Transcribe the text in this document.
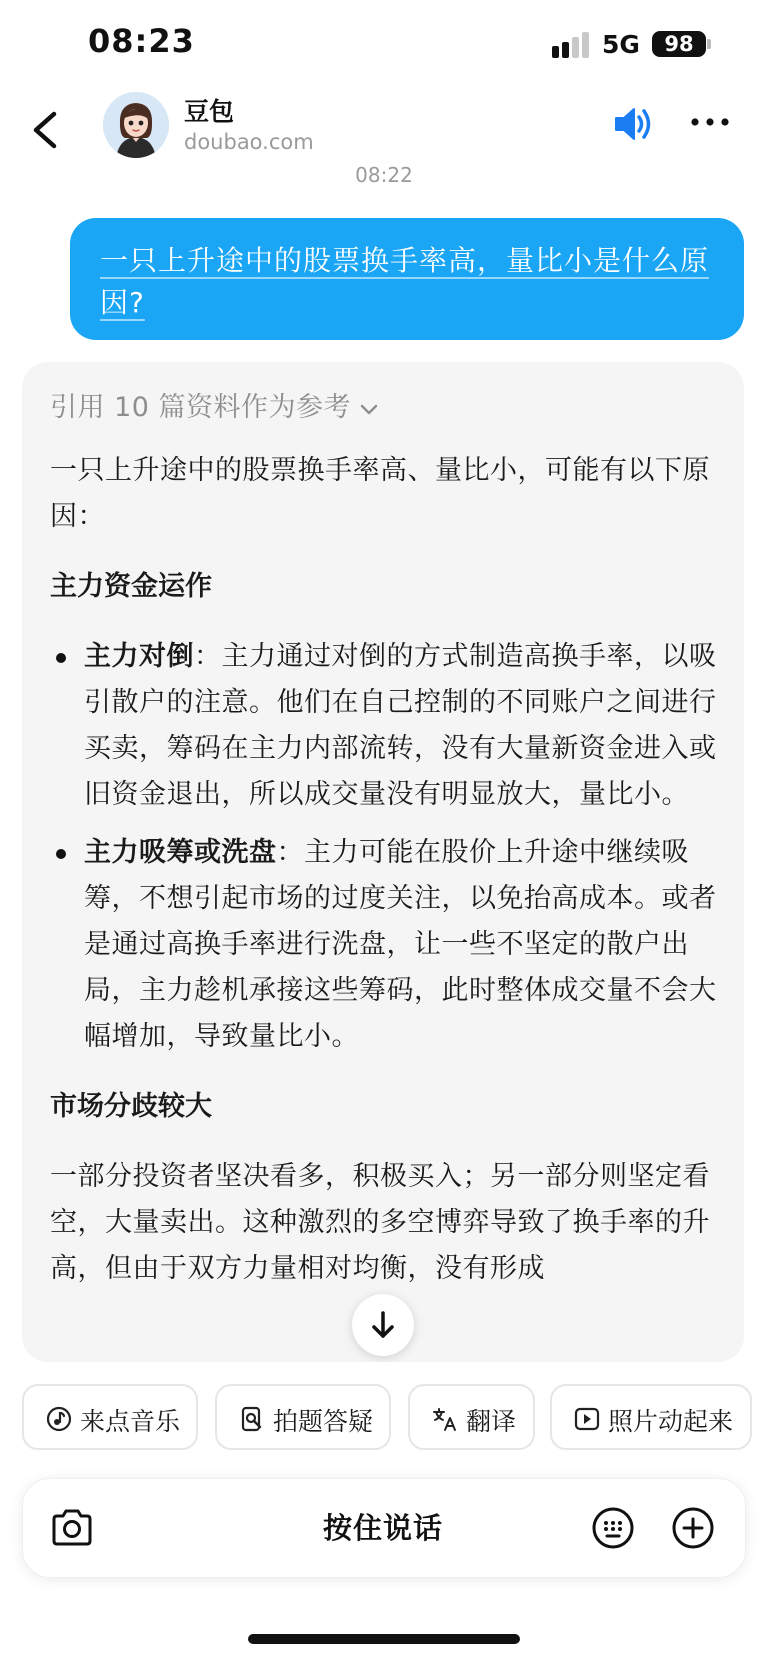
08:23	5G	98
豆包
doubao.com
08:22
一只上升途中的股票换手率高，量比小是什么原因?
引用 10 篇资料作为参考

一只上升途中的股票换手率高、量比小，可能有以下原因：

主力资金运作

主力对倒：主力通过对倒的方式制造高换手率，以吸引散户的注意。他们在自己控制的不同账户之间进行买卖，筹码在主力内部流转，没有大量新资金进入或旧资金退出，所以成交量没有明显放大，量比小。
主力吸筹或洗盘：主力可能在股价上升途中继续吸筹，不想引起市场的过度关注，以免抬高成本。或者是通过高换手率进行洗盘，让一些不坚定的散户出局，主力趁机承接这些筹码，此时整体成交量不会大幅增加，导致量比小。

市场分歧较大

一部分投资者坚决看多，积极买入；另一部分则坚定看空，大量卖出。这种激烈的多空博弈导致了换手率的升高，但由于双方力量相对均衡，没有形成

来点音乐	拍题答疑	翻译	照片动起来
按住说话
